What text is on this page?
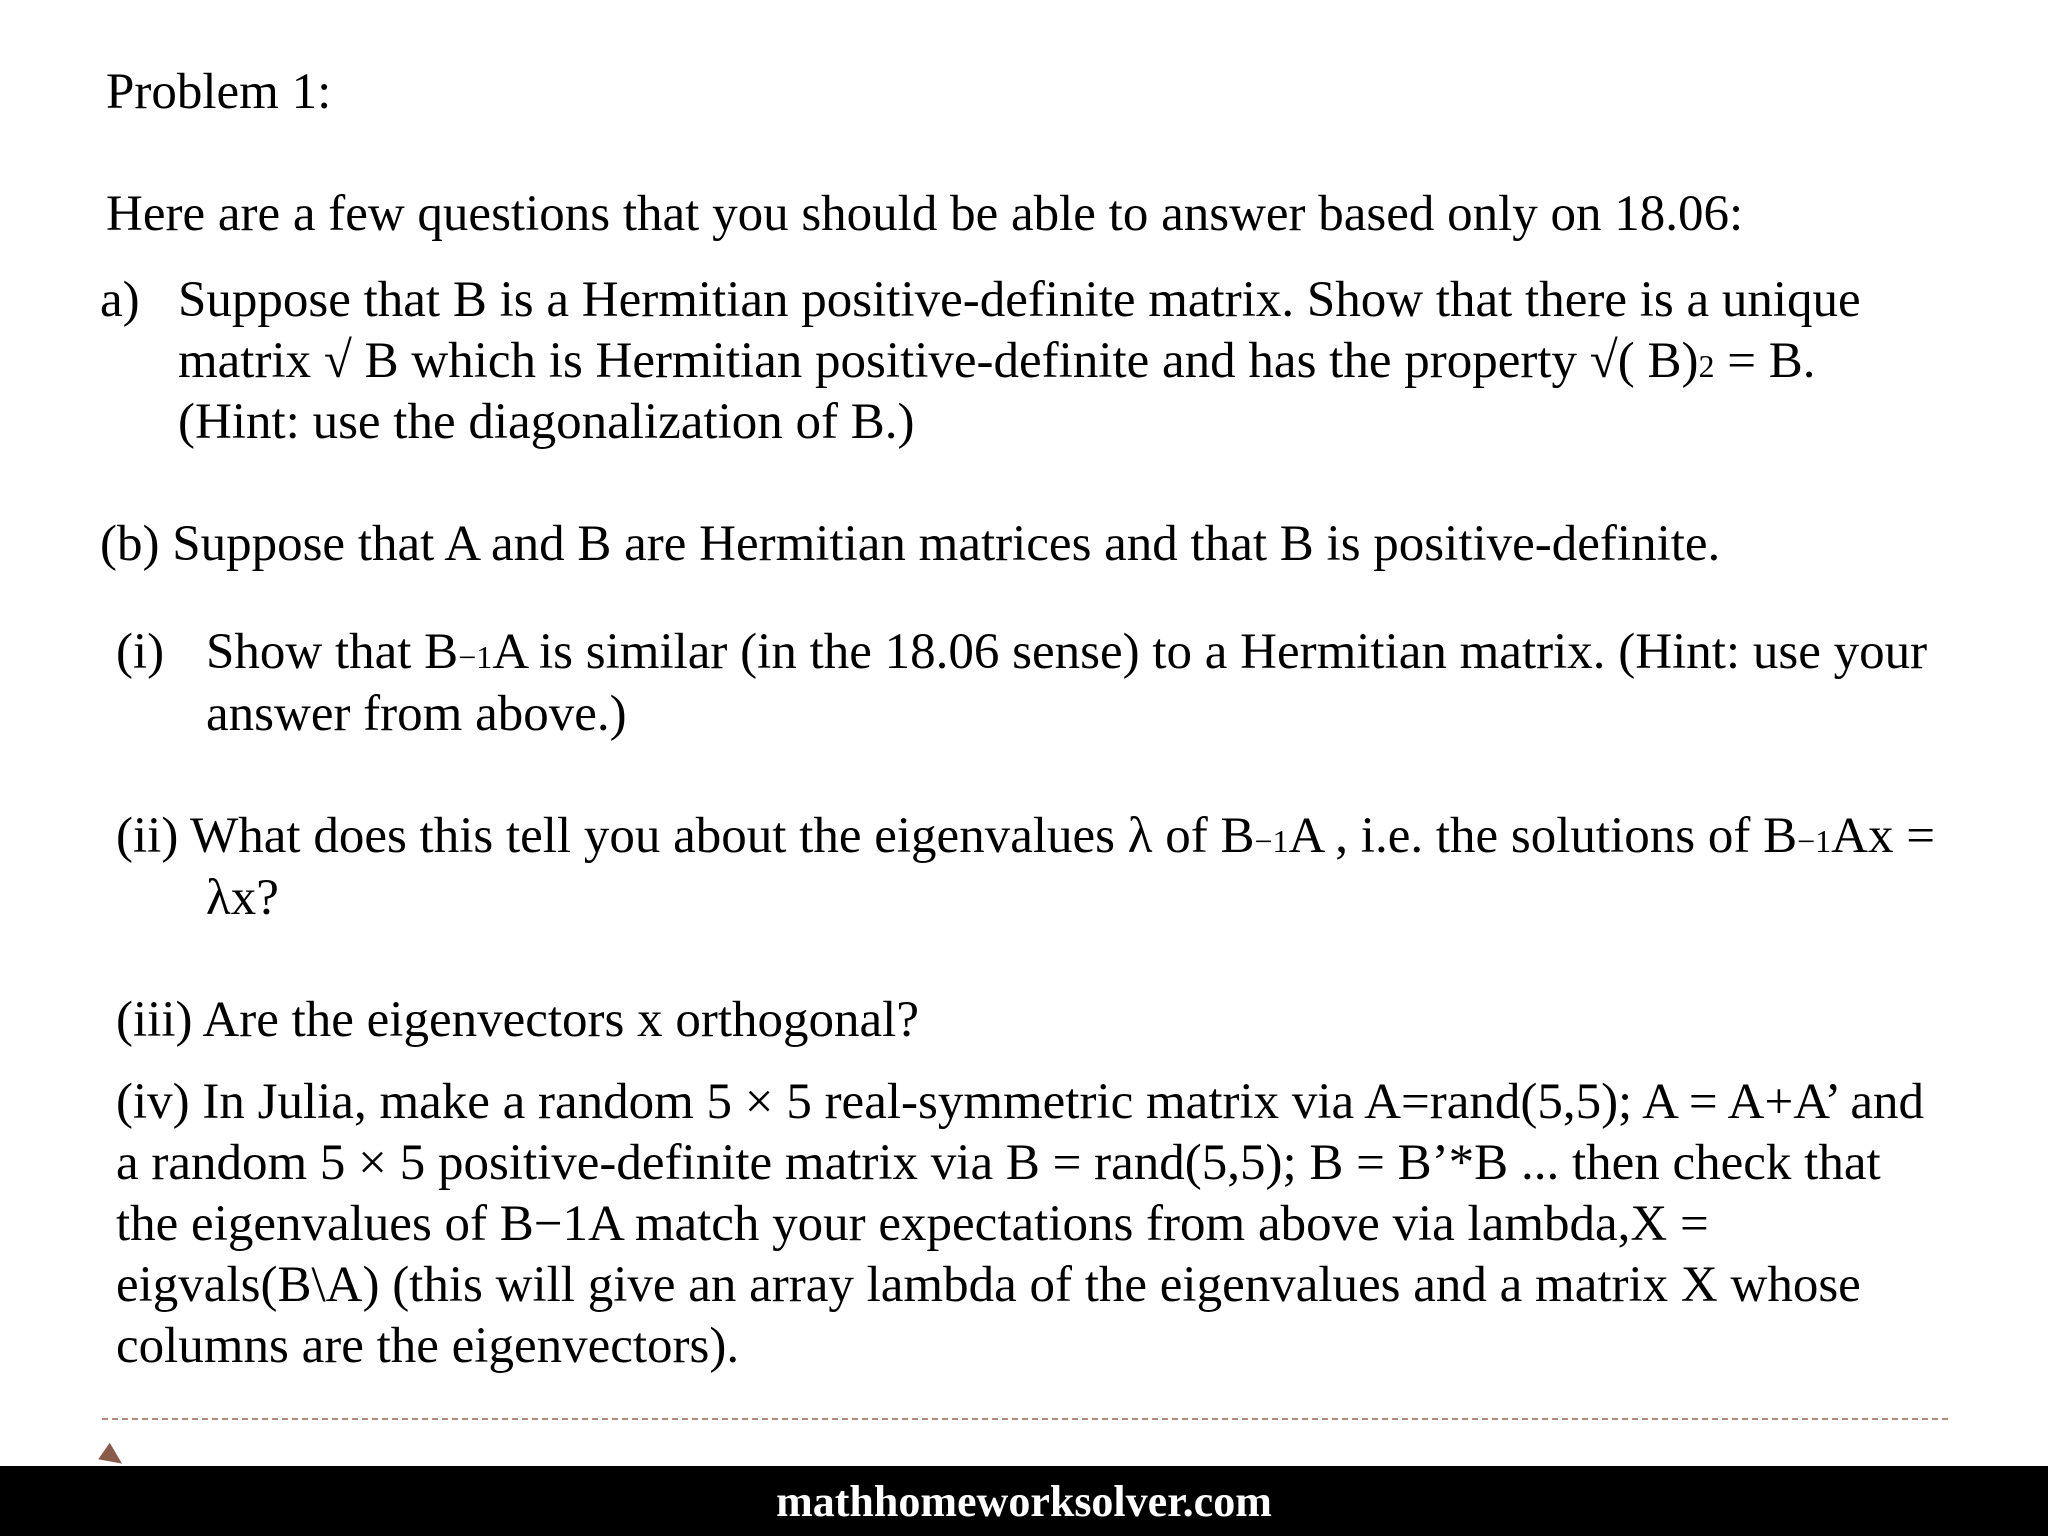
Problem 1:
Here are a few questions that you should be able to answer based only on 18.06:
a) Suppose that B is a Hermitian positive-definite matrix. Show that there is a unique
matrix √ B which is Hermitian positive-definite and has the property √( B)2 = B.
(Hint: use the diagonalization of B.)
(b) Suppose that A and B are Hermitian matrices and that B is positive-definite.
(i) Show that B−1A is similar (in the 18.06 sense) to a Hermitian matrix. (Hint: use your
answer from above.)
(ii) What does this tell you about the eigenvalues λ of B−1A , i.e. the solutions of B−1Ax =
λx?
(iii) Are the eigenvectors x orthogonal?
(iv) In Julia, make a random 5 × 5 real-symmetric matrix via A=rand(5,5); A = A+A’ and
a random 5 × 5 positive-definite matrix via B = rand(5,5); B = B’*B ... then check that
the eigenvalues of B−1A match your expectations from above via lambda,X =
eigvals(B\A) (this will give an array lambda of the eigenvalues and a matrix X whose
columns are the eigenvectors).
mathhomeworksolver.com
